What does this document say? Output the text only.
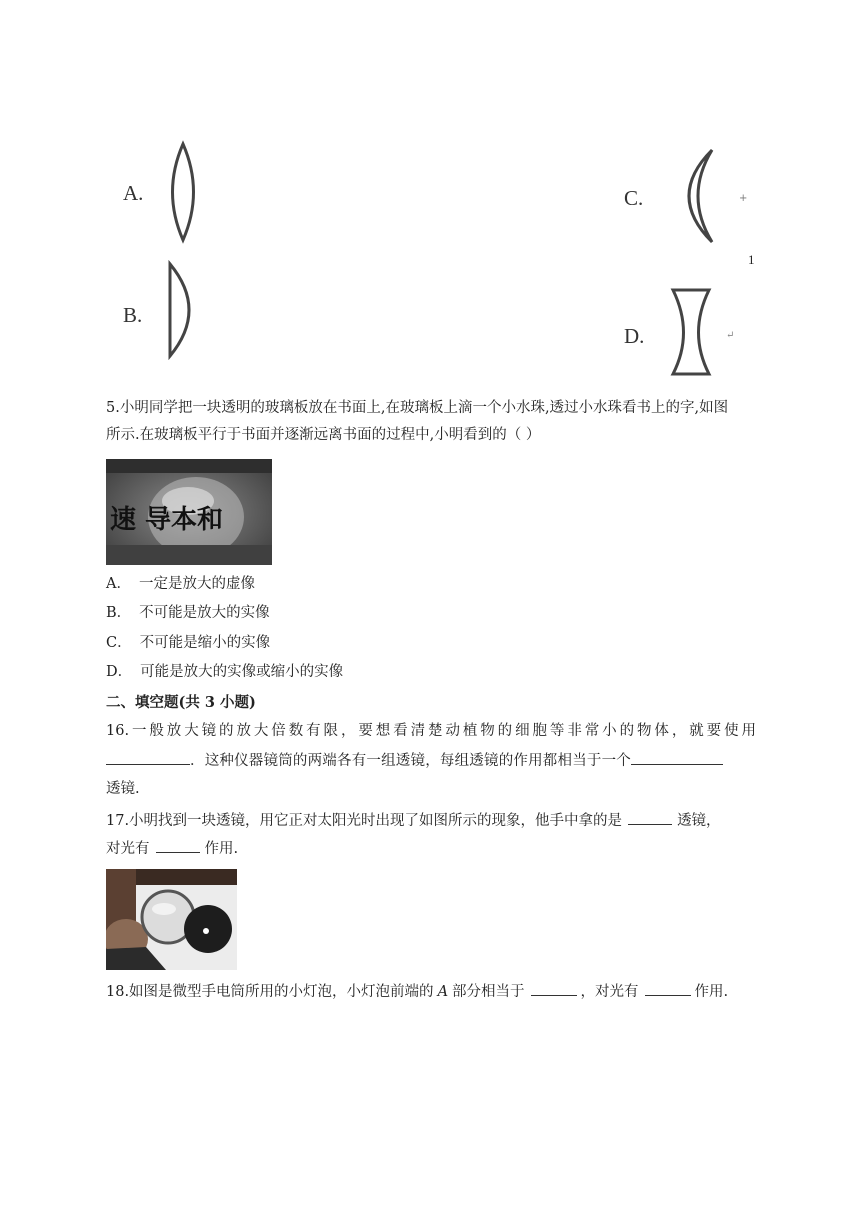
A.
B.
C.	+
1
D.	↵
5.小明同学把一块透明的玻璃板放在书面上,在玻璃板上滴一个小水珠,透过小水珠看书上的字,如图
所示.在玻璃板平行于书面并逐渐远离书面的过程中,小明看到的（ ）
速 导本和
A． 一定是放大的虚像
B． 不可能是放大的实像
C． 不可能是缩小的实像
D． 可能是放大的实像或缩小的实像
二、填空题(共 3 小题)
16.一般放大镜的放大倍数有限，要想看清楚动植物的细胞等非常小的物体，就要使用
．这种仪器镜筒的两端各有一组透镜，每组透镜的作用都相当于一个
透镜.
17.小明找到一块透镜，用它正对太阳光时出现了如图所示的现象，他手中拿的是	透镜，
对光有	作用.
18.如图是微型手电筒所用的小灯泡，小灯泡前端的 A 部分相当于	，对光有	作用.
